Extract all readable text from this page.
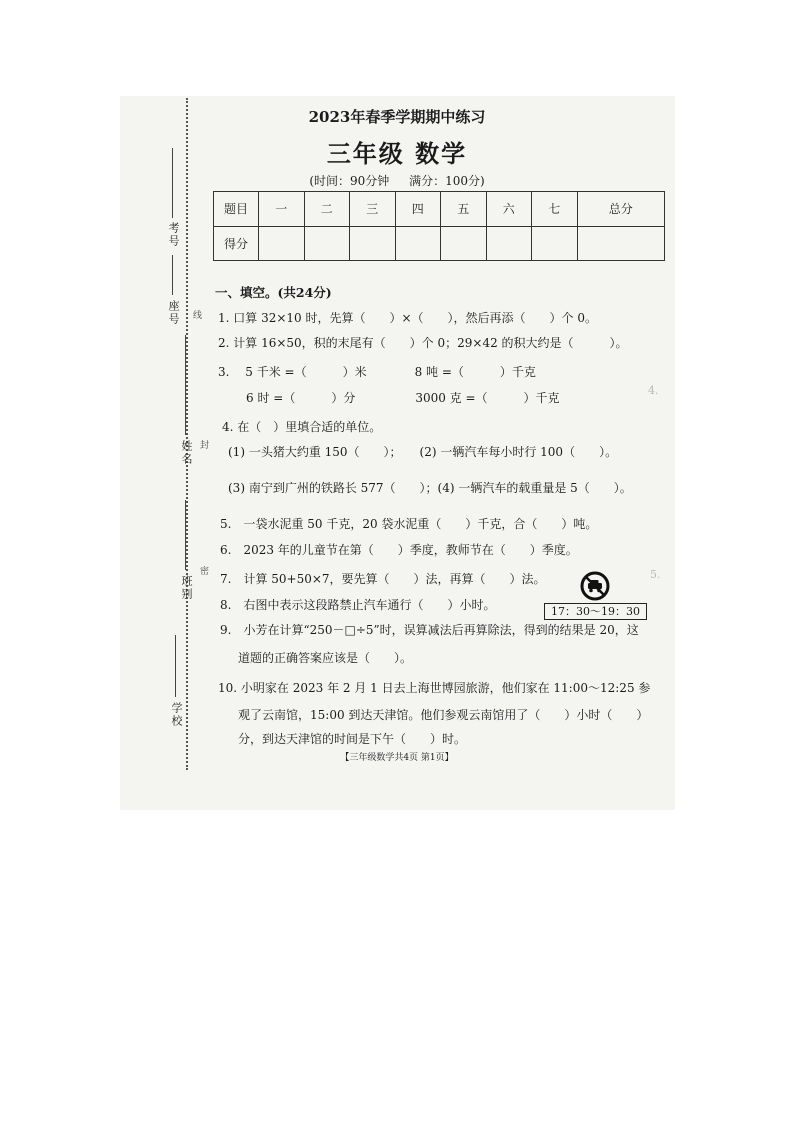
考号
座号
姓名
班别
学校
线
封
密
2023年春季学期期中练习
三年级 数学
(时间：90分钟 满分：100分)
题目	一	二	三	四	五	六	七	总分
得分								
一、填空。(共24分)
1. 口算 32×10 时，先算（　　）×（　　），然后再添（　　）个 0。
2. 计算 16×50，积的末尾有（　　）个 0；29×42 的积大约是（　　　）。
3.　 5 千米 =（　　　）米　　　　8 吨 =（　　　）千克
6 时 =（　　　）分　　　　　3000 克 =（　　　）千克
4. 在（　）里填合适的单位。
(1) 一头猪大约重 150（　　）；　　(2) 一辆汽车每小时行 100（　　）。
(3) 南宁到广州的铁路长 577（　　）；(4) 一辆汽车的载重量是 5（　　）。
5.　一袋水泥重 50 千克，20 袋水泥重（　　）千克，合（　　）吨。
6.　2023 年的儿童节在第（　　）季度，教师节在（　　）季度。
7.　计算 50+50×7，要先算（　　）法，再算（　　）法。
8.　右图中表示这段路禁止汽车通行（　　）小时。
9.　小芳在计算“250－□÷5”时，误算减法后再算除法，得到的结果是 20，这
道题的正确答案应该是（　　）。
10. 小明家在 2023 年 2 月 1 日去上海世博园旅游，他们家在 11:00～12:25 参
观了云南馆，15:00 到达天津馆。他们参观云南馆用了（　　）小时（　　）
分，到达天津馆的时间是下午（　　）时。
17：30～19：30
4.
5.
【三年级数学共4页 第1页】
